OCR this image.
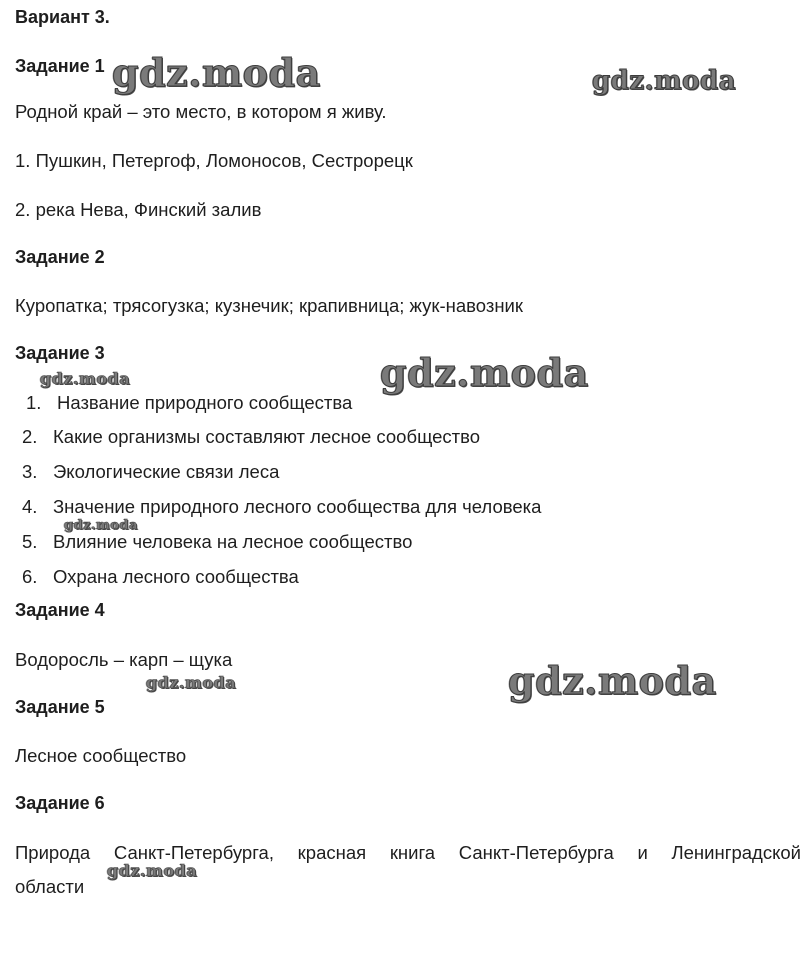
Вариант 3.
Задание 1
Родной край – это место, в котором я живу.
1. Пушкин, Петергоф, Ломоносов, Сестрорецк
2. река Нева, Финский залив
Задание 2
Куропатка; трясогузка; кузнечик; крапивница; жук-навозник
Задание 3
1. Название природного сообщества
2. Какие организмы составляют лесное сообщество
3. Экологические связи леса
4. Значение природного лесного сообщества для человека
5. Влияние человека на лесное сообщество
6. Охрана лесного сообщества
Задание 4
Водоросль – карп – щука
Задание 5
Лесное сообщество
Задание 6
Природа Санкт-Петербурга, красная книга Санкт-Петербурга и Ленинградской
области
gdz.moda	gdz.moda
gdz.moda
gdz.moda
gdz.moda
gdz.moda
gdz.moda
gdz.moda
